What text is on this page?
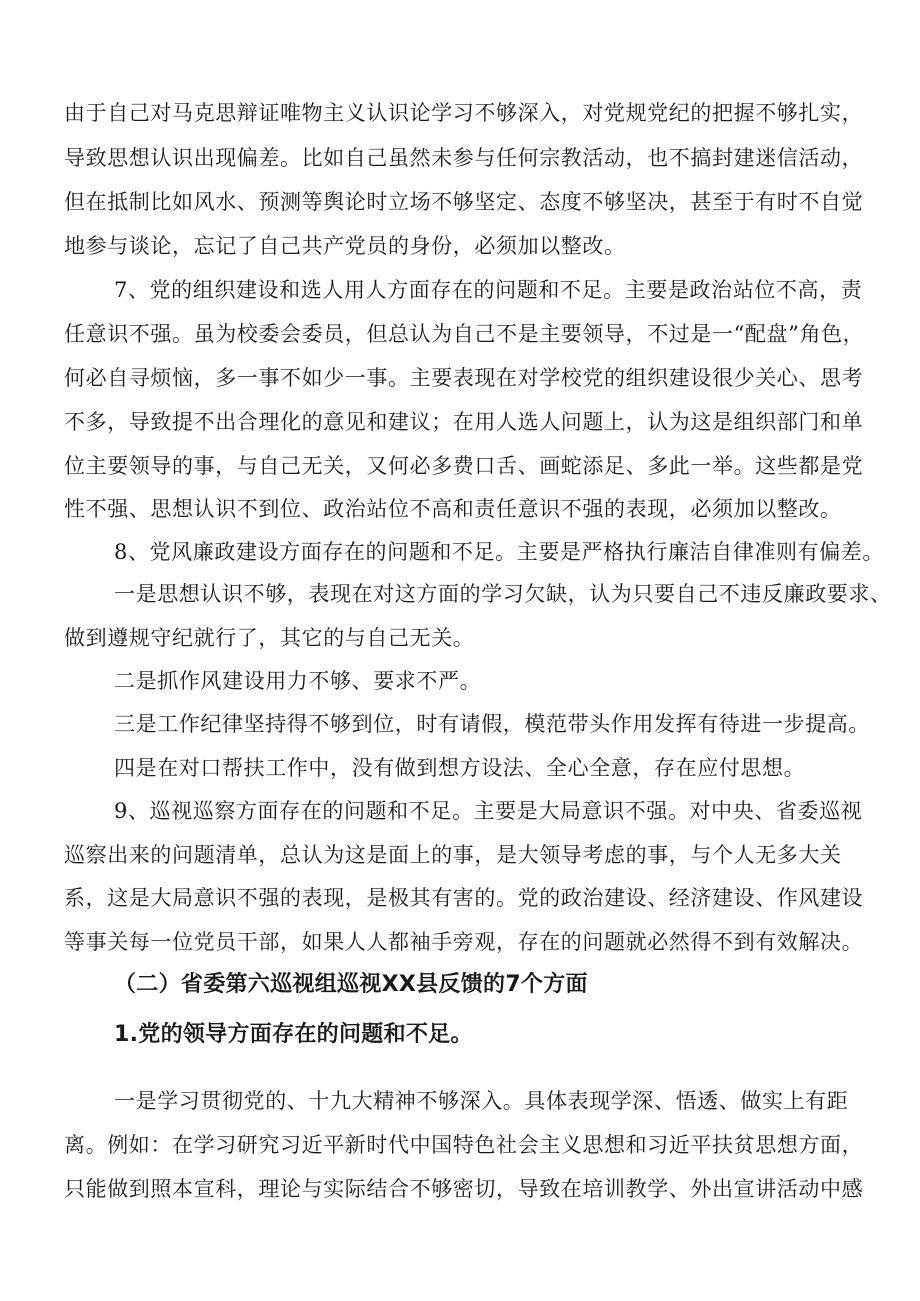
由于自己对马克思辩证唯物主义认识论学习不够深入，对党规党纪的把握不够扎实，
导致思想认识出现偏差。比如自己虽然未参与任何宗教活动，也不搞封建迷信活动，
但在抵制比如风水、预测等舆论时立场不够坚定、态度不够坚决，甚至于有时不自觉
地参与谈论，忘记了自己共产党员的身份，必须加以整改。
7、党的组织建设和选人用人方面存在的问题和不足。主要是政治站位不高，责
任意识不强。虽为校委会委员，但总认为自己不是主要领导，不过是一“配盘”角色，
何必自寻烦恼，多一事不如少一事。主要表现在对学校党的组织建设很少关心、思考
不多，导致提不出合理化的意见和建议；在用人选人问题上，认为这是组织部门和单
位主要领导的事，与自己无关，又何必多费口舌、画蛇添足、多此一举。这些都是党
性不强、思想认识不到位、政治站位不高和责任意识不强的表现，必须加以整改。
8、党风廉政建设方面存在的问题和不足。主要是严格执行廉洁自律准则有偏差。
一是思想认识不够，表现在对这方面的学习欠缺，认为只要自己不违反廉政要求、
做到遵规守纪就行了，其它的与自己无关。
二是抓作风建设用力不够、要求不严。
三是工作纪律坚持得不够到位，时有请假，模范带头作用发挥有待进一步提高。
四是在对口帮扶工作中，没有做到想方设法、全心全意，存在应付思想。
9、巡视巡察方面存在的问题和不足。主要是大局意识不强。对中央、省委巡视
巡察出来的问题清单，总认为这是面上的事，是大领导考虑的事，与个人无多大关
系，这是大局意识不强的表现，是极其有害的。党的政治建设、经济建设、作风建设
等事关每一位党员干部，如果人人都袖手旁观，存在的问题就必然得不到有效解决。
（二）省委第六巡视组巡视XX县反馈的7个方面
1.党的领导方面存在的问题和不足。
一是学习贯彻党的、十九大精神不够深入。具体表现学深、悟透、做实上有距
离。例如：在学习研究习近平新时代中国特色社会主义思想和习近平扶贫思想方面，
只能做到照本宣科，理论与实际结合不够密切，导致在培训教学、外出宣讲活动中感
